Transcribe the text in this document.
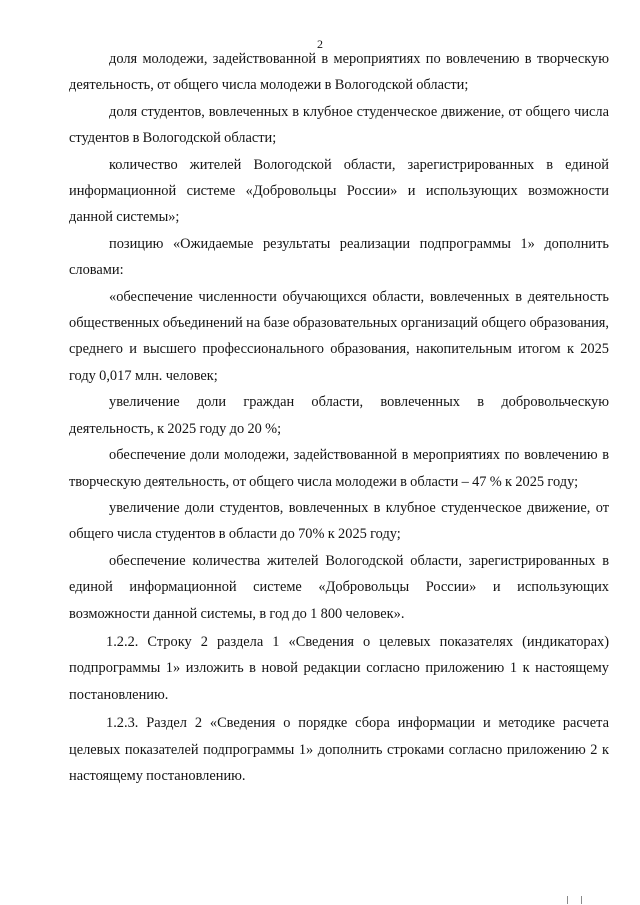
2

доля молодежи, задействованной в мероприятиях по вовлечению в творческую деятельность, от общего числа молодежи в Вологодской области;

доля студентов, вовлеченных в клубное студенческое движение, от общего числа студентов в Вологодской области;

количество жителей Вологодской области, зарегистрированных в единой информационной системе «Добровольцы России» и использующих возможности данной системы»;

позицию «Ожидаемые результаты реализации подпрограммы 1» дополнить словами:

«обеспечение численности обучающихся области, вовлеченных в деятельность общественных объединений на базе образовательных организаций общего образования, среднего и высшего профессионального образования, накопительным итогом к 2025 году 0,017 млн. человек;

увеличение доли граждан области, вовлеченных в добровольческую деятельность, к 2025 году до 20 %;

обеспечение доли молодежи, задействованной в мероприятиях по вовлечению в творческую деятельность, от общего числа молодежи в области – 47 % к 2025 году;

увеличение доли студентов, вовлеченных в клубное студенческое движение, от общего числа студентов в области до 70% к 2025 году;

обеспечение количества жителей Вологодской области, зарегистрированных в единой информационной системе «Добровольцы России» и использующих возможности данной системы, в год до 1 800 человек».

1.2.2. Строку 2 раздела 1 «Сведения о целевых показателях (индикаторах) подпрограммы 1» изложить в новой редакции согласно приложению 1 к настоящему постановлению.

1.2.3. Раздел 2 «Сведения о порядке сбора информации и методике расчета целевых показателей подпрограммы 1» дополнить строками согласно приложению 2 к настоящему постановлению.
